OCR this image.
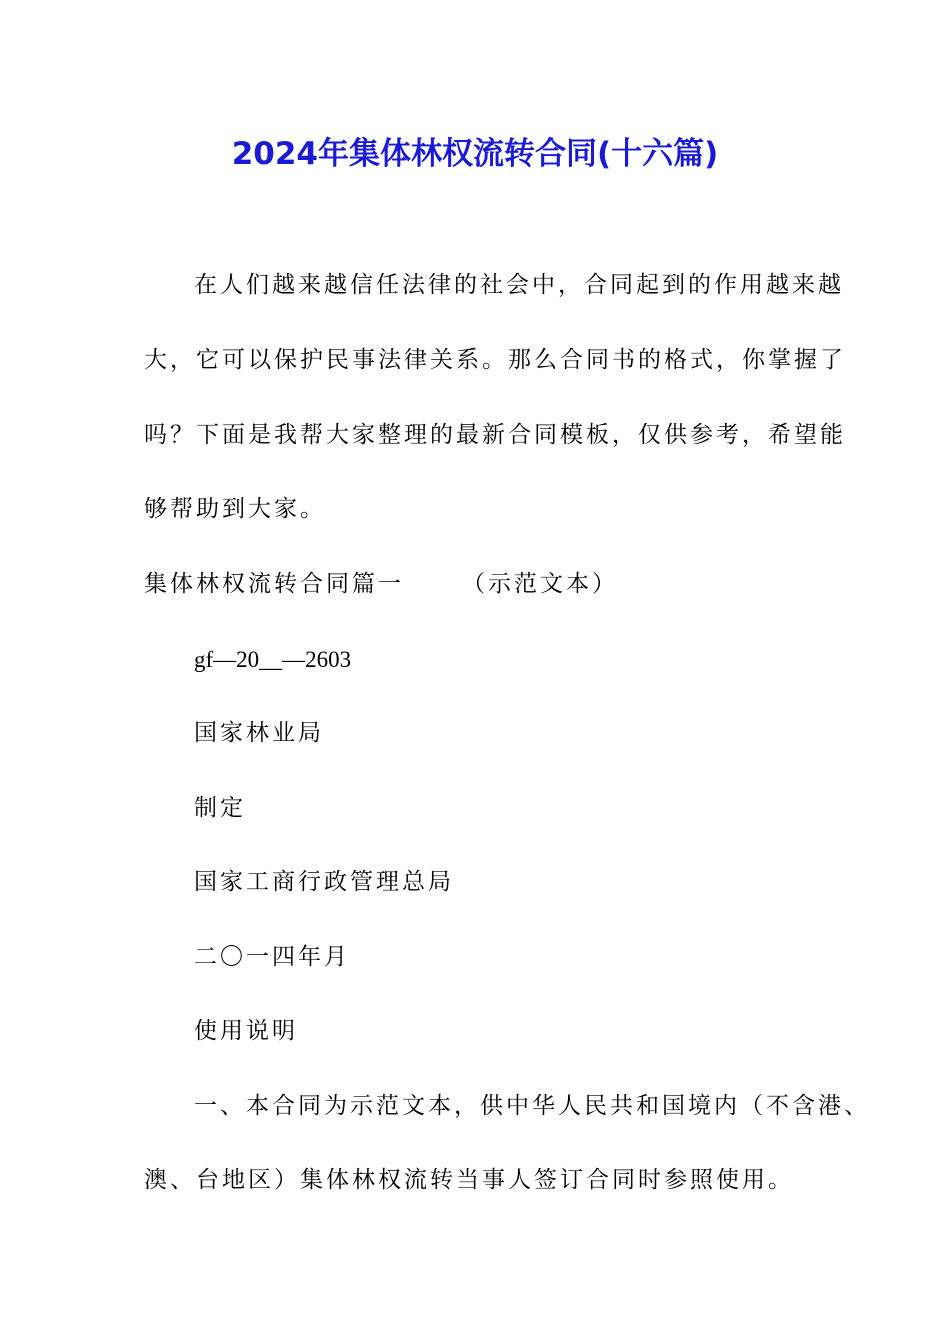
2024年集体林权流转合同(十六篇)
在人们越来越信任法律的社会中，合同起到的作用越来越
大，它可以保护民事法律关系。那么合同书的格式，你掌握了
吗？下面是我帮大家整理的最新合同模板，仅供参考，希望能
够帮助到大家。
集体林权流转合同篇一	（示范文本）
gf—20__—2603
国家林业局
制定
国家工商行政管理总局
二〇一四年月
使用说明
一、本合同为示范文本，供中华人民共和国境内（不含港、
澳、台地区）集体林权流转当事人签订合同时参照使用。
